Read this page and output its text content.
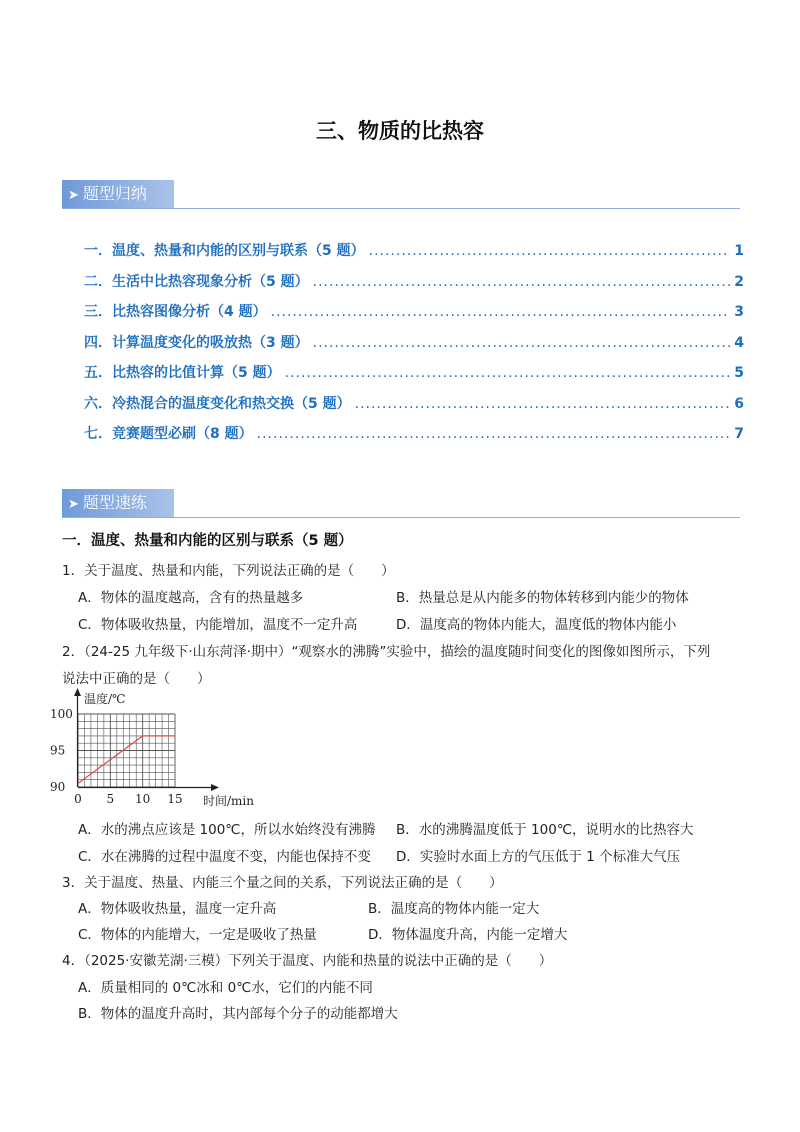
三、物质的比热容
➤ 题型归纳
一．温度、热量和内能的区别与联系（5 题） .....	1
二．生活中比热容现象分析（5 题） .....	2
三．比热容图像分析（4 题） .....	3
四．计算温度变化的吸放热（3 题） .....	4
五．比热容的比值计算（5 题） .....	5
六．冷热混合的温度变化和热交换（5 题） .....	6
七．竞赛题型必刷（8 题） .....	7
➤ 题型速练
一．温度、热量和内能的区别与联系（5 题）
1．关于温度、热量和内能，下列说法正确的是（　　）
A．物体的温度越高，含有的热量越多	B．热量总是从内能多的物体转移到内能少的物体
C．物体吸收热量，内能增加，温度不一定升高	D．温度高的物体内能大，温度低的物体内能小
2．（24-25 九年级下·山东菏泽·期中）“观察水的沸腾”实验中，描绘的温度随时间变化的图像如图所示，下列
说法中正确的是（　　）
0 5 10 15
90
95
100
温度/℃
时间/min
A．水的沸点应该是 100℃，所以水始终没有沸腾 B．水的沸腾温度低于 100℃，说明水的比热容大
C．水在沸腾的过程中温度不变，内能也保持不变 D．实验时水面上方的气压低于 1 个标准大气压
3．关于温度、热量、内能三个量之间的关系，下列说法正确的是（　　）
A．物体吸收热量，温度一定升高	B．温度高的物体内能一定大
C．物体的内能增大，一定是吸收了热量	D．物体温度升高，内能一定增大
4．（2025·安徽芜湖·三模）下列关于温度、内能和热量的说法中正确的是（　　）
A．质量相同的 0℃冰和 0℃水，它们的内能不同
B．物体的温度升高时，其内部每个分子的动能都增大
